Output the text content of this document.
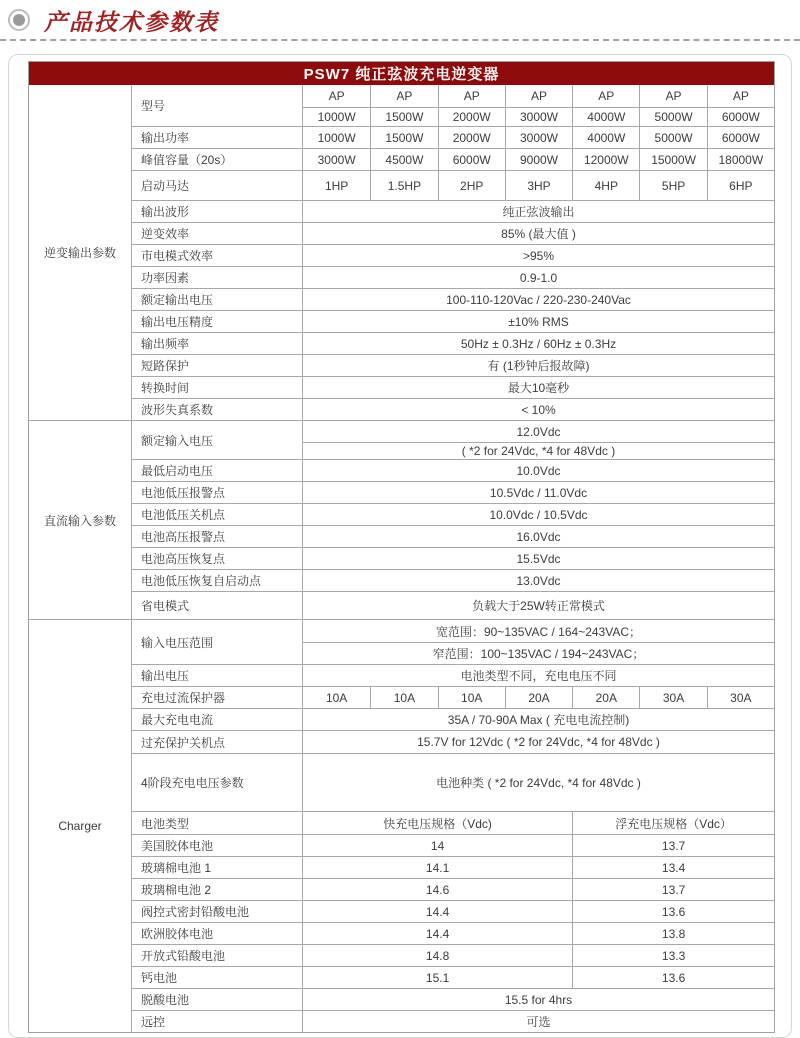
产品技术参数表
PSW7 纯正弦波充电逆变器
逆变输出参数
型号
AP	AP	AP	AP	AP	AP	AP
1000W	1500W	2000W	3000W	4000W	5000W	6000W
输出功率	1000W	1500W	2000W	3000W	4000W	5000W	6000W
峰值容量（20s）	3000W	4500W	6000W	9000W	12000W	15000W	18000W
启动马达	1HP	1.5HP	2HP	3HP	4HP	5HP	6HP
输出波形	纯正弦波输出
逆变效率	85% (最大值 )
市电模式效率	>95%
功率因素	0.9-1.0
额定输出电压	100-110-120Vac / 220-230-240Vac
输出电压精度	±10% RMS
输出频率	50Hz ± 0.3Hz / 60Hz ± 0.3Hz
短路保护	有 (1秒钟后报故障)
转换时间	最大10毫秒
波形失真系数	< 10%
直流输入参数
额定输入电压
12.0Vdc
( *2 for 24Vdc, *4 for 48Vdc )
最低启动电压	10.0Vdc
电池低压报警点	10.5Vdc / 11.0Vdc
电池低压关机点	10.0Vdc / 10.5Vdc
电池高压报警点	16.0Vdc
电池高压恢复点	15.5Vdc
电池低压恢复自启动点	13.0Vdc
省电模式	负载大于25W转正常模式
Charger
输入电压范围
宽范围：90~135VAC / 164~243VAC；
窄范围：100~135VAC / 194~243VAC；
输出电压	电池类型不同，充电电压不同
充电过流保护器	10A	10A	10A	20A	20A	30A	30A
最大充电电流	35A / 70-90A Max ( 充电电流控制)
过充保护关机点	15.7V for 12Vdc ( *2 for 24Vdc, *4 for 48Vdc )
4阶段充电电压参数	电池种类 ( *2 for 24Vdc, *4 for 48Vdc )
电池类型	快充电压规格（Vdc)	浮充电压规格（Vdc）
美国胶体电池	14	13.7
玻璃棉电池 1	14.1	13.4
玻璃棉电池 2	14.6	13.7
阀控式密封铅酸电池	14.4	13.6
欧洲胶体电池	14.4	13.8
开放式铅酸电池	14.8	13.3
钙电池	15.1	13.6
脱酸电池	15.5 for 4hrs
远控	可选
